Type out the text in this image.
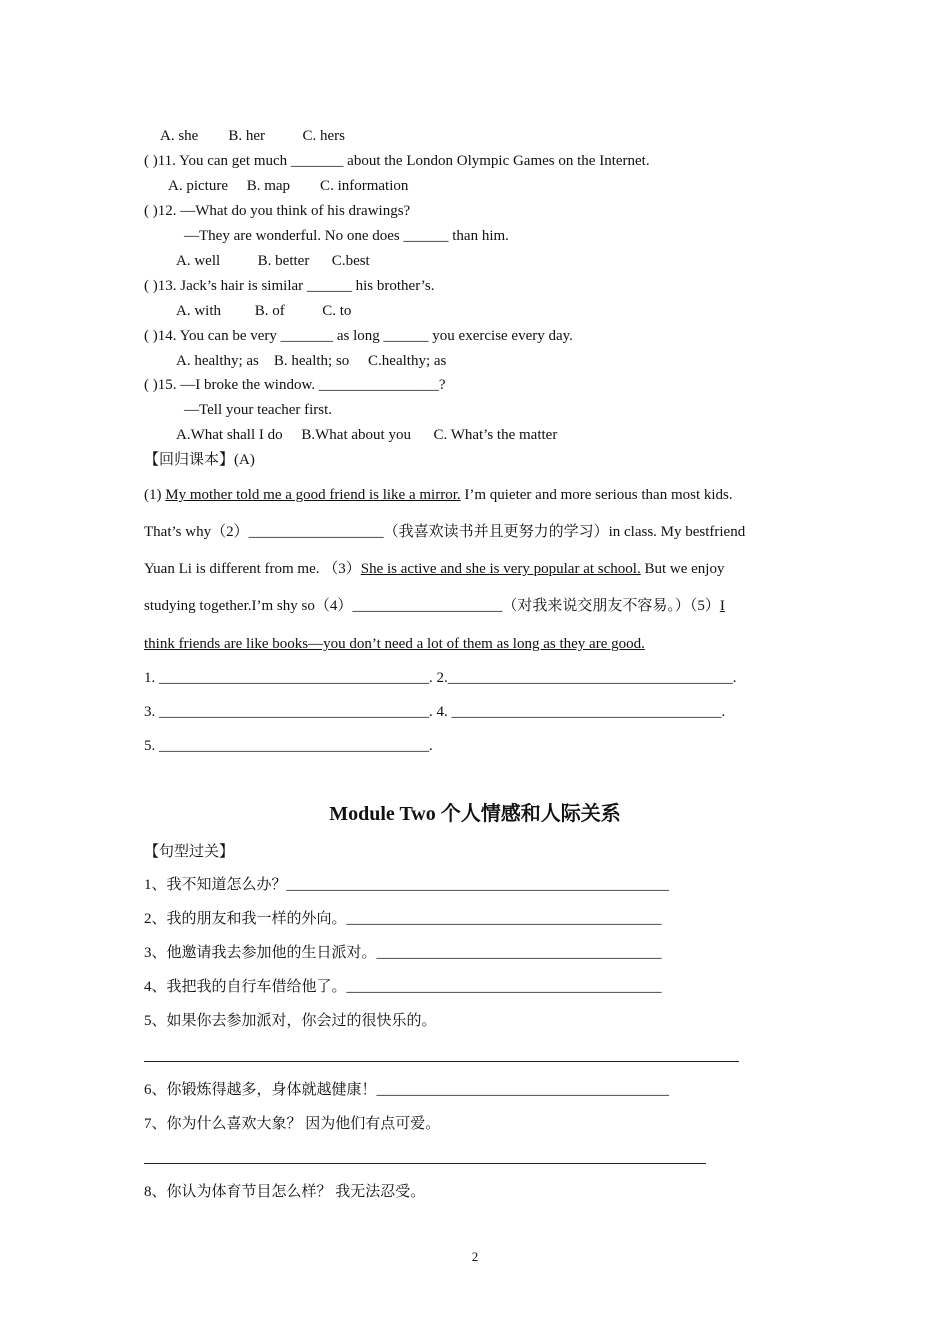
A. she        B. her          C. hers
( )11. You can get much _______ about the London Olympic Games on the Internet.
A. picture     B. map        C. information
( )12. —What do you think of his drawings?
—They are wonderful. No one does ______ than him.
A. well          B. better      C.best
( )13. Jack’s hair is similar ______ his brother’s.
A. with         B. of          C. to
( )14. You can be very _______ as long ______ you exercise every day.
A. healthy; as    B. health; so     C.healthy; as
( )15. —I broke the window. ________________?
—Tell your teacher first.
A.What shall I do     B.What about you      C. What’s the matter
【回归课本】(A)
(1) My mother told me a good friend is like a mirror. I’m quieter and more serious than most kids.
That’s why（2）__________________（我喜欢读书并且更努力的学习）in class. My bestfriend
Yuan Li is different from me. （3）She is active and she is very popular at school. But we enjoy
studying together.I’m shy so（4）____________________（对我来说交朋友不容易。）（5）I
think friends are like books—you don’t need a lot of them as long as they are good.
1. ____________________________________. 2.______________________________________.
3. ____________________________________. 4. ____________________________________.
5. ____________________________________.
Module Two 个人情感和人际关系
【句型过关】
1、我不知道怎么办？___________________________________________________
2、我的朋友和我一样的外向。__________________________________________
3、他邀请我去参加他的生日派对。______________________________________
4、我把我的自行车借给他了。__________________________________________
5、如果你去参加派对，你会过的很快乐的。
6、你锻炼得越多，身体就越健康！_______________________________________
7、你为什么喜欢大象？ 因为他们有点可爱。
8、你认为体育节目怎么样？ 我无法忍受。
2
